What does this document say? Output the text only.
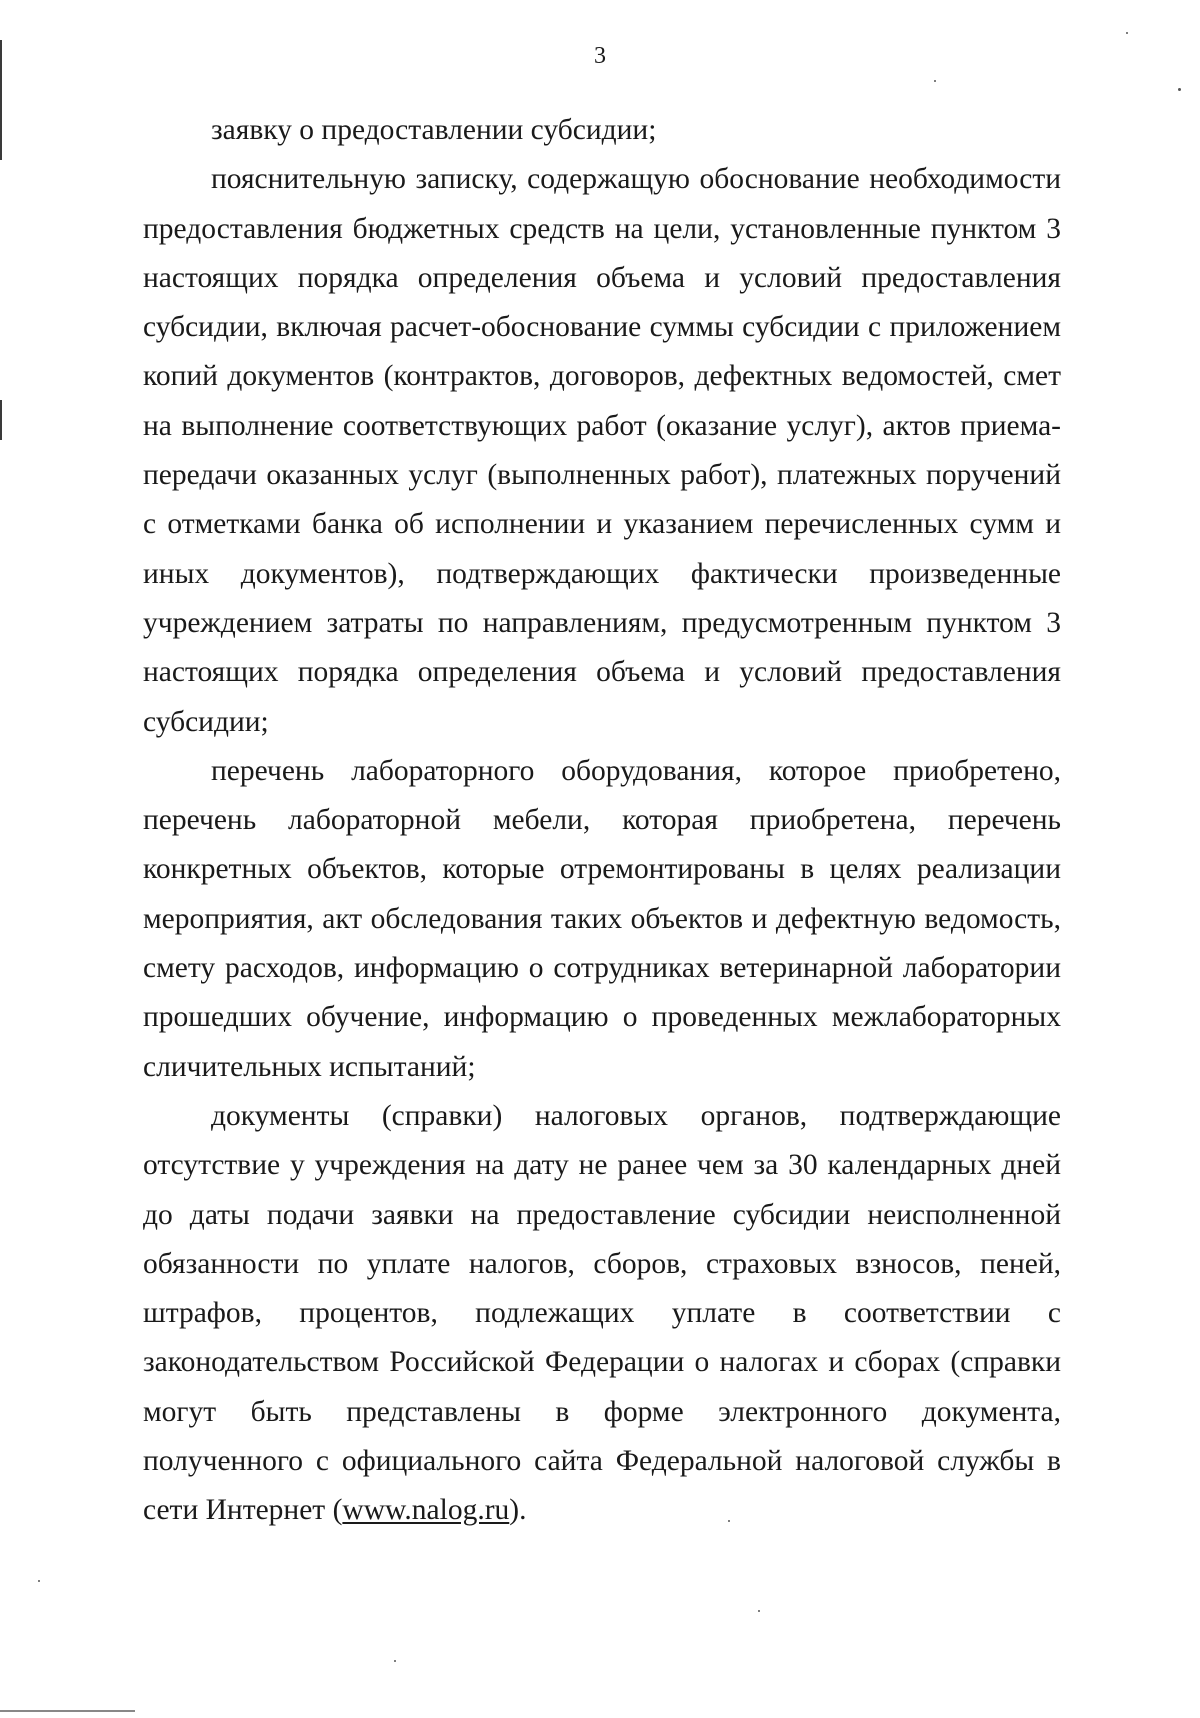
3

заявку о предоставлении субсидии;

пояснительную записку, содержащую обоснование необходимости предоставления бюджетных средств на цели, установленные пунктом 3 настоящих порядка определения объема и условий предоставления субсидии, включая расчет-обоснование суммы субсидии с приложением копий документов (контрактов, договоров, дефектных ведомостей, смет на выполнение соответствующих работ (оказание услуг), актов приема-передачи оказанных услуг (выполненных работ), платежных поручений с отметками банка об исполнении и указанием перечисленных сумм и иных документов), подтверждающих фактически произведенные учреждением затраты по направлениям, предусмотренным пунктом 3 настоящих порядка определения объема и условий предоставления субсидии;

перечень лабораторного оборудования, которое приобретено, перечень лабораторной мебели, которая приобретена, перечень конкретных объектов, которые отремонтированы в целях реализации мероприятия, акт обследования таких объектов и дефектную ведомость, смету расходов, информацию о сотрудниках ветеринарной лаборатории прошедших обучение, информацию о проведенных межлабораторных сличительных испытаний;

документы (справки) налоговых органов, подтверждающие отсутствие у учреждения на дату не ранее чем за 30 календарных дней до даты подачи заявки на предоставление субсидии неисполненной обязанности по уплате налогов, сборов, страховых взносов, пеней, штрафов, процентов, подлежащих уплате в соответствии с законодательством Российской Федерации о налогах и сборах (справки могут быть представлены в форме электронного документа, полученного с официального сайта Федеральной налоговой службы в сети Интернет (www.nalog.ru).
